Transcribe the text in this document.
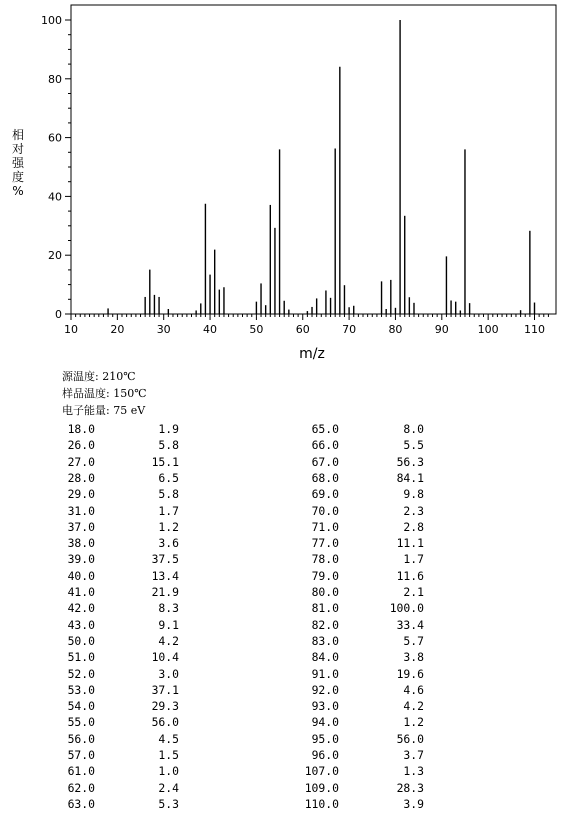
0
20
40
60
80
100
10	20	30	40	50	60	70	80	90	100 110
m/z
相
对
强
度
%
源温度: 210℃
样品温度: 150℃
电子能量: 75 eV
18.0	1.9	65.0	8.0
26.0	5.8	66.0	5.5
27.0	15.1	67.0	56.3
28.0	6.5	68.0	84.1
29.0	5.8	69.0	9.8
31.0	1.7	70.0	2.3
37.0	1.2	71.0	2.8
38.0	3.6	77.0	11.1
39.0	37.5	78.0	1.7
40.0	13.4	79.0	11.6
41.0	21.9	80.0	2.1
42.0	8.3	81.0	100.0
43.0	9.1	82.0	33.4
50.0	4.2	83.0	5.7
51.0	10.4	84.0	3.8
52.0	3.0	91.0	19.6
53.0	37.1	92.0	4.6
54.0	29.3	93.0	4.2
55.0	56.0	94.0	1.2
56.0	4.5	95.0	56.0
57.0	1.5	96.0	3.7
61.0	1.0	107.0	1.3
62.0	2.4	109.0	28.3
63.0	5.3	110.0	3.9
